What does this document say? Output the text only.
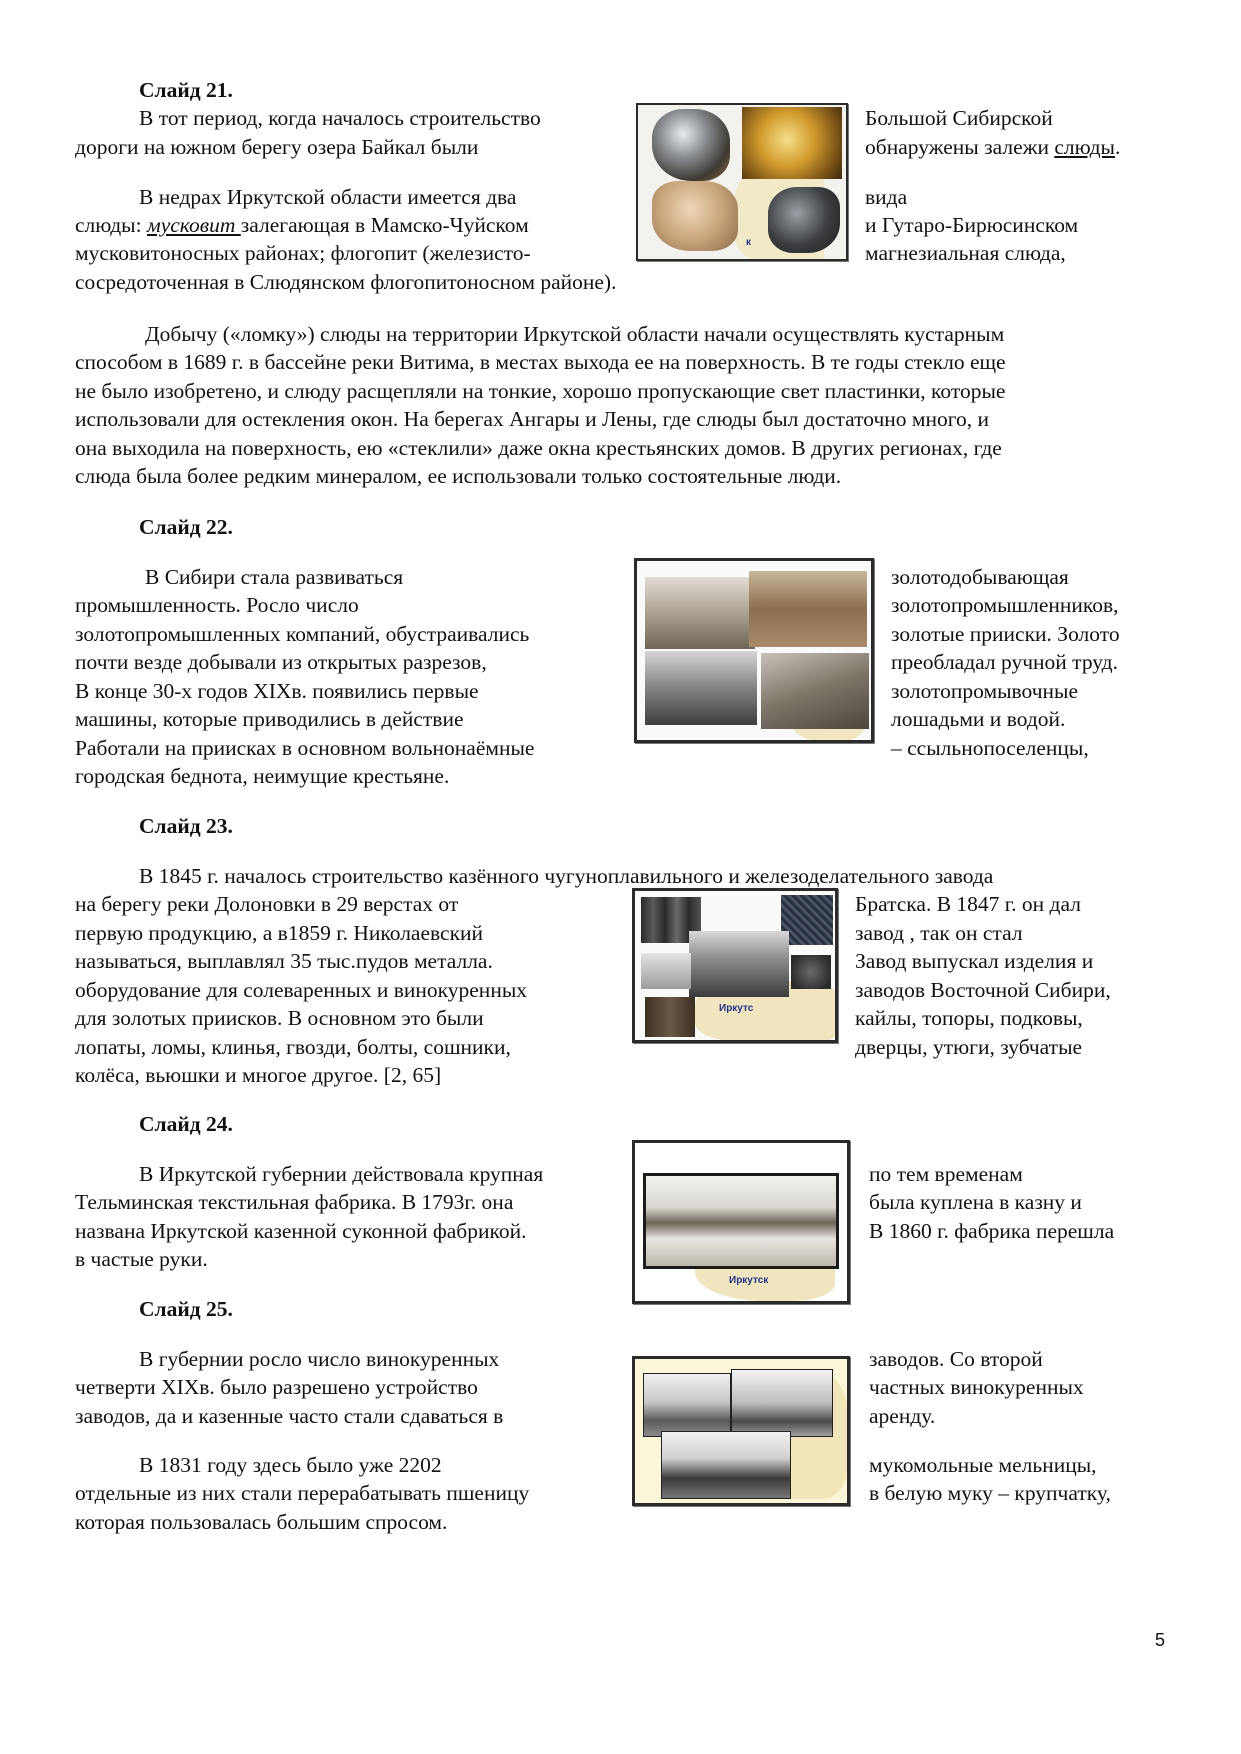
Слайд 21.
В тот период, когда началось строительство
дороги на южном берегу озера Байкал были
Большой Сибирской
обнаружены залежи слюды.
В недрах Иркутской области имеется два
слюды: мусковит залегающая в Мамско-Чуйском
мусковитоносных районах; флогопит (железисто-
сосредоточенная в Слюдянском флогопитоносном районе).
вида
и Гутаро-Бирюсинском
магнезиальная слюда,
к
Добычу («ломку») слюды на территории Иркутской области начали осуществлять кустарным
способом в 1689 г. в бассейне реки Витима, в местах выхода ее на поверхность. В те годы стекло еще
не было изобретено, и слюду расщепляли на тонкие, хорошо пропускающие свет пластинки, которые
использовали для остекления окон. На берегах Ангары и Лены, где слюды был достаточно много, и
она выходила на поверхность, ею «стеклили» даже окна крестьянских домов. В других регионах, где
слюда была более редким минералом, ее использовали только состоятельные люди.
Слайд 22.
В Сибири стала развиваться
промышленность. Росло число
золотопромышленных компаний, обустраивались
почти везде добывали из открытых разрезов,
В конце 30-х годов XIXв. появились первые
машины, которые приводились в действие
Работали на приисках в основном вольнонаёмные
городская беднота, неимущие крестьяне.
золотодобывающая
золотопромышленников,
золотые прииски. Золото
преобладал ручной труд.
золотопромывочные
лошадьми и водой.
– ссыльнопоселенцы,
Слайд 23.
В 1845 г. началось строительство казённого чугуноплавильного и железоделательного завода
на берегу реки Долоновки в 29 верстах от
первую продукцию, а в1859 г. Николаевский
называться, выплавлял 35 тыс.пудов металла.
оборудование для солеваренных и винокуренных
для золотых приисков. В основном это были
лопаты, ломы, клинья, гвозди, болты, сошники,
колёса, вьюшки и многое другое. [2, 65]
Братска. В 1847 г. он дал
завод , так он стал
Завод выпускал изделия и
заводов Восточной Сибири,
кайлы, топоры, подковы,
дверцы, утюги, зубчатые
Иркутс
Слайд 24.
В Иркутской губернии действовала крупная
Тельминская текстильная фабрика. В 1793г. она
названа Иркутской казенной суконной фабрикой.
в частые руки.
по тем временам
была куплена в казну и
В 1860 г. фабрика перешла
Иркутск
Слайд 25.
В губернии росло число винокуренных
четверти XIXв. было разрешено устройство
заводов, да и казенные часто стали сдаваться в
заводов. Со второй
частных винокуренных
аренду.
В 1831 году здесь было уже 2202
отдельные из них стали перерабатывать пшеницу
которая пользовалась большим спросом.
мукомольные мельницы,
в белую муку – крупчатку,
5
